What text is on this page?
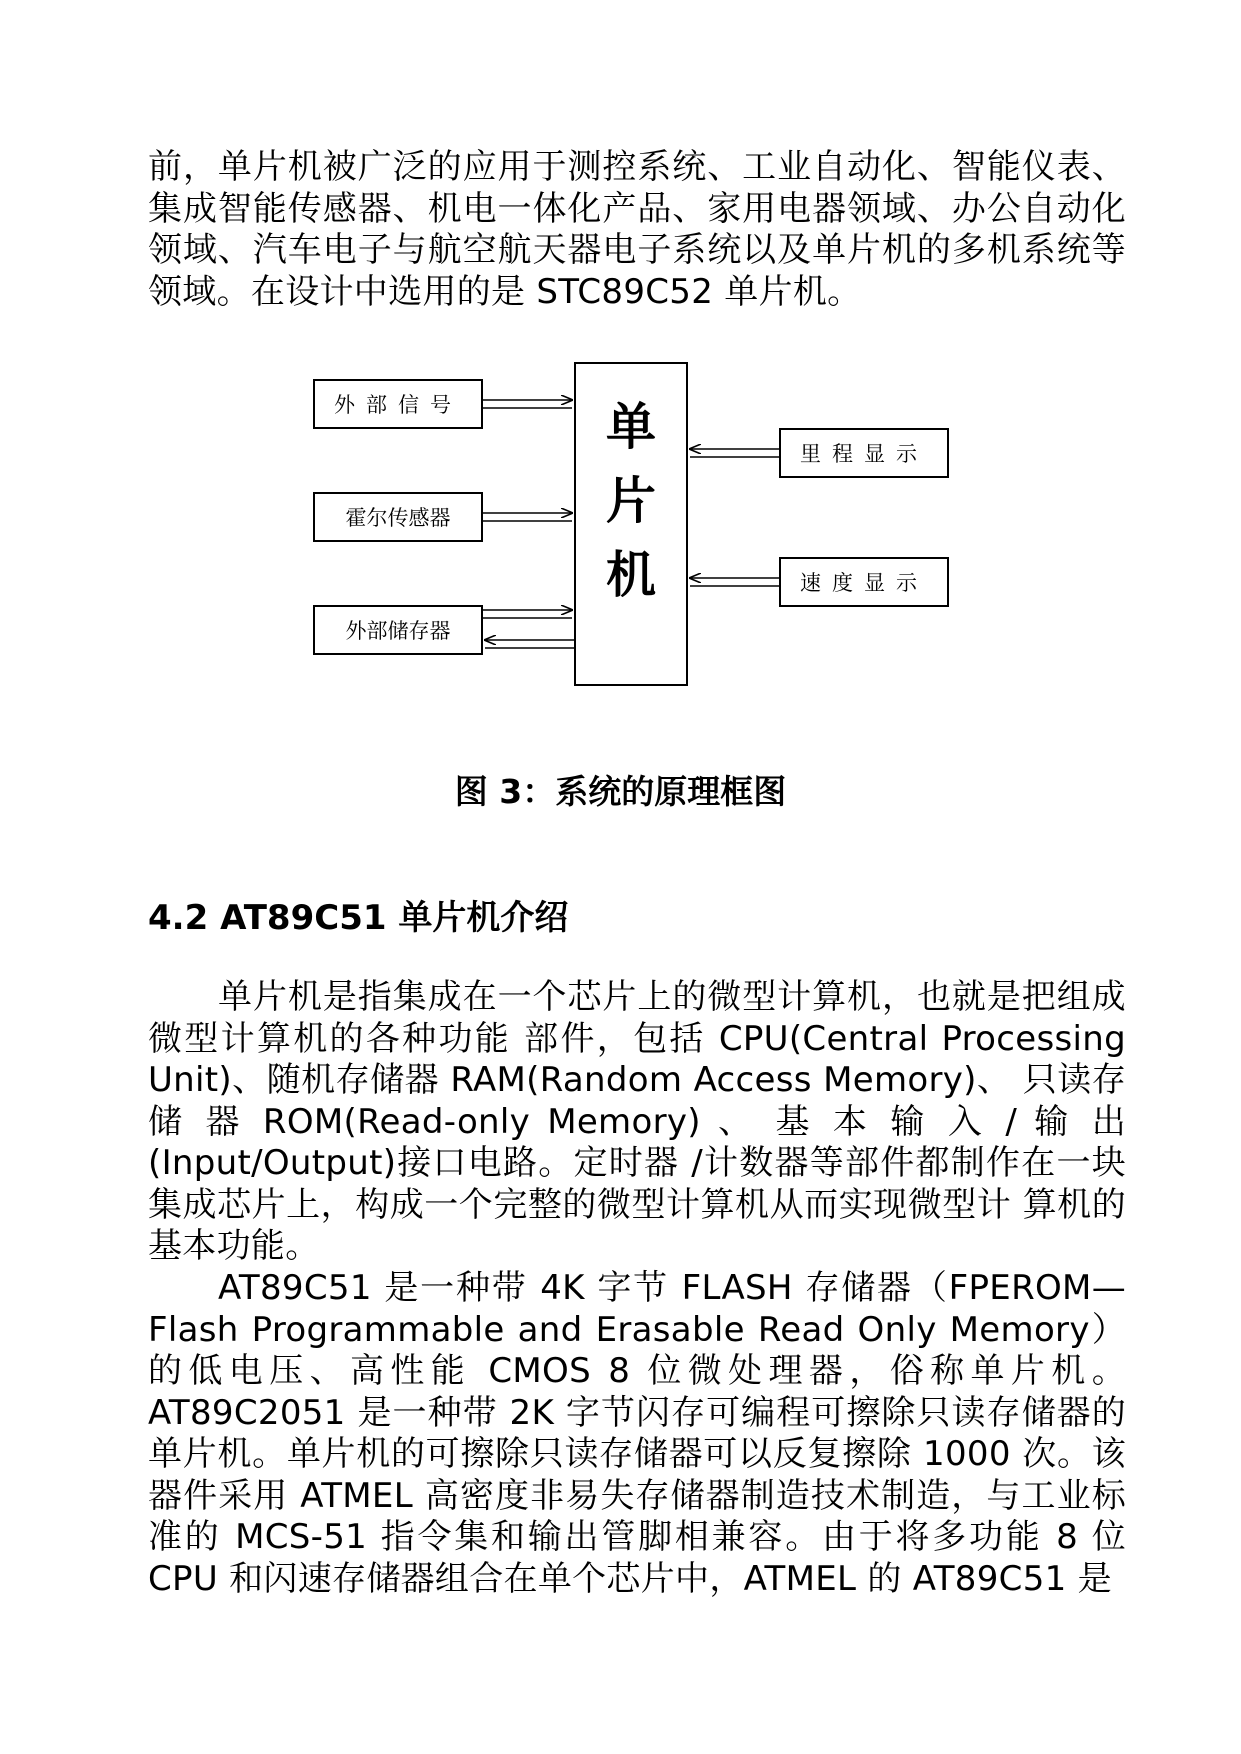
前，单片机被广泛的应用于测控系统、工业自动化、智能仪表、集成智能传感器、机电一体化产品、家用电器领域、办公自动化领域、汽车电子与航空航天器电子系统以及单片机的多机系统等领域。在设计中选用的是 STC89C52 单片机。

单
片
机
外部信号
霍尔传感器
外部储存器
里程显示
速度显示

图 3：系统的原理框图

4.2 AT89C51 单片机介绍

单片机是指集成在一个芯片上的微型计算机，也就是把组成微型计算机的各种功能 部件，包括 CPU(Central Processing Unit)、随机存储器 RAM(Random Access Memory)、 只读存储 器 ROM(Read-only Memory) 、 基 本 输 入 / 输 出 (Input/Output)接口电路。定时器 /计数器等部件都制作在一块集成芯片上，构成一个完整的微型计算机从而实现微型计 算机的基本功能。

AT89C51 是一种带 4K 字节 FLASH 存储器（FPEROM—Flash Programmable and Erasable Read Only Memory）的低电压、高性能 CMOS 8 位微处理器，俗称单片机。AT89C2051 是一种带 2K 字节闪存可编程可擦除只读存储器的单片机。单片机的可擦除只读存储器可以反复擦除 1000 次。该器件采用 ATMEL 高密度非易失存储器制造技术制造，与工业标准的 MCS-51 指令集和输出管脚相兼容。由于将多功能 8 位 CPU 和闪速存储器组合在单个芯片中，ATMEL 的 AT89C51 是
